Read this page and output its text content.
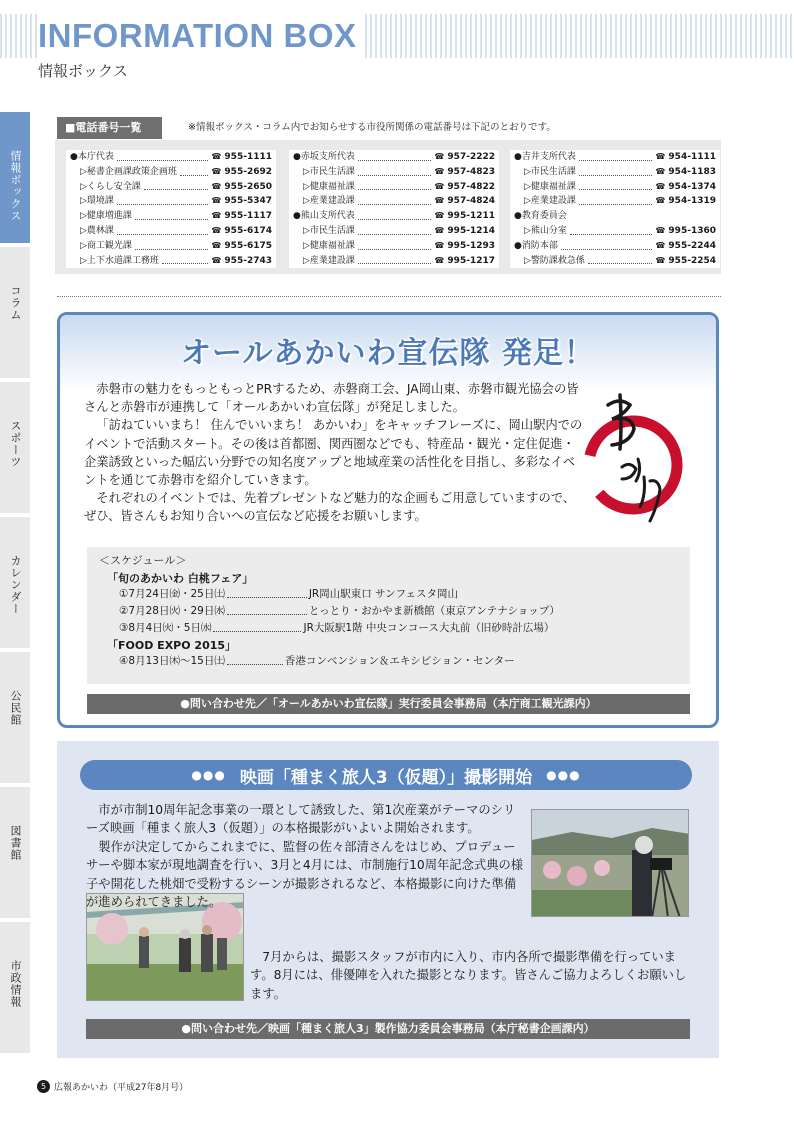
INFORMATION BOX
情報ボックス
情報ボックス
コラム
スポーツ
カレンダー
公民館
図書館
市政情報
■電話番号一覧	※情報ボックス・コラム内でお知らせする市役所関係の電話番号は下記のとおりです。
●本庁代表	☎ 955-1111
▷秘書企画課政策企画班	☎ 955-2692
▷くらし安全課	☎ 955-2650
▷環境課	☎ 955-5347
▷健康増進課	☎ 955-1117
▷農林課	☎ 955-6174
▷商工観光課	☎ 955-6175
▷上下水道課工務班	☎ 955-2743
●赤坂支所代表	☎ 957-2222
▷市民生活課	☎ 957-4823
▷健康福祉課	☎ 957-4822
▷産業建設課	☎ 957-4824
●熊山支所代表	☎ 995-1211
▷市民生活課	☎ 995-1214
▷健康福祉課	☎ 995-1293
▷産業建設課	☎ 995-1217
●吉井支所代表	☎ 954-1111
▷市民生活課	☎ 954-1183
▷健康福祉課	☎ 954-1374
▷産業建設課	☎ 954-1319
●教育委員会
▷熊山分室	☎ 995-1360
●消防本部	☎ 955-2244
▷警防課救急係	☎ 955-2254
オールあかいわ宣伝隊 発足！

赤磐市の魅力をもっともっとPRするため、赤磐商工会、JA岡山東、赤磐市観光協会の皆さんと赤磐市が連携して「オールあかいわ宣伝隊」が発足しました。

「訪ねていいまち！ 住んでいいまち！ あかいわ」をキャッチフレーズに、岡山駅内でのイベントで活動スタート。その後は首都圏、関西圏などでも、特産品・観光・定住促進・企業誘致といった幅広い分野での知名度アップと地域産業の活性化を目指し、多彩なイベントを通じて赤磐市を紹介していきます。

それぞれのイベントでは、先着プレゼントなど魅力的な企画もご用意していますので、ぜひ、皆さんもお知り合いへの宣伝など応援をお願いします。

＜スケジュール＞
「旬のあかいわ 白桃フェア」
①7月24日㈮・25日㈯	JR岡山駅東口 サンフェスタ岡山
②7月28日㈫・29日㈬	とっとり・おかやま新橋館（東京アンテナショップ）
③8月4日㈫・5日㈬	JR大阪駅1階 中央コンコース大丸前（旧砂時計広場）
「FOOD EXPO 2015」
④8月13日㈭〜15日㈯	香港コンベンション＆エキシビション・センター
●問い合わせ先／「オールあかいわ宣伝隊」実行委員会事務局（本庁商工観光課内）
●●● 映画「種まく旅人3（仮題）」撮影開始 ●●●

市が市制10周年記念事業の一環として誘致した、第1次産業がテーマのシリーズ映画「種まく旅人3（仮題）」の本格撮影がいよいよ開始されます。

製作が決定してからこれまでに、監督の佐々部清さんをはじめ、プロデューサーや脚本家が現地調査を行い、3月と4月には、市制施行10周年記念式典の様子や開花した桃畑で受粉するシーンが撮影されるなど、本格撮影に向けた準備が進められてきました。

7月からは、撮影スタッフが市内に入り、市内各所で撮影準備を行っています。8月には、俳優陣を入れた撮影となります。皆さんご協力よろしくお願いします。

●問い合わせ先／映画「種まく旅人3」製作協力委員会事務局（本庁秘書企画課内）
5 広報あかいわ（平成27年8月号）
